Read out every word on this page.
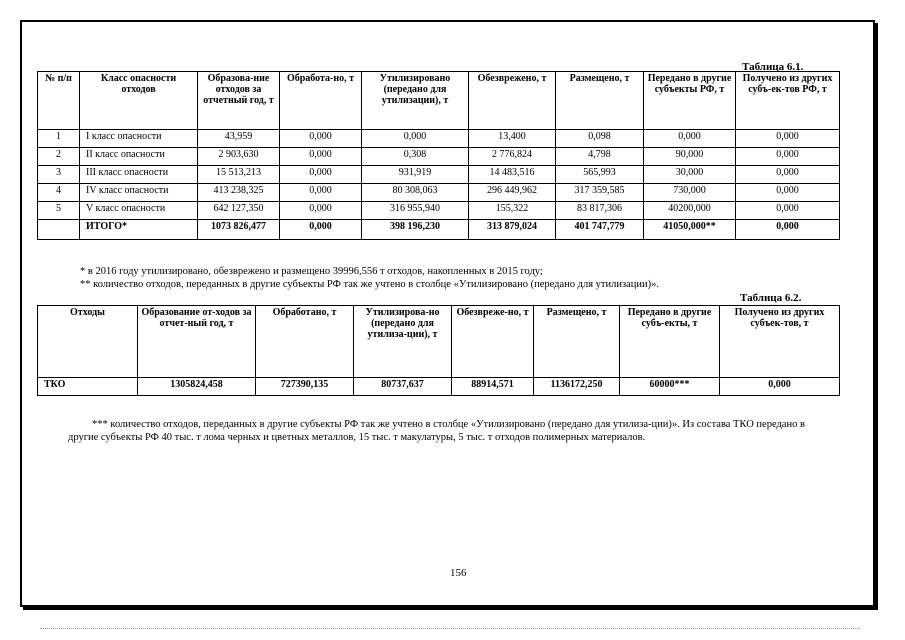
Таблица 6.1.
№ п/п	Класс опасности отходов	Образова-ние отходов за отчетный год, т	Обработа-но, т	Утилизировано (передано для утилизации), т	Обезврежено, т	Размещено, т	Передано в другие субъекты РФ, т	Получено из других субъ-ек-тов РФ, т
1	I класс опасности	43,959	0,000	0,000	13,400	0,098	0,000	0,000
2	II класс опасности	2 903,630	0,000	0,308	2 776,824	4,798	90,000	0,000
3	III класс опасности	15 513,213	0,000	931,919	14 483,516	565,993	30,000	0,000
4	IV класс опасности	413 238,325	0,000	80 308,063	296 449,962	317 359,585	730,000	0,000
5	V класс опасности	642 127,350	0,000	316 955,940	155,322	83 817,306	40200,000	0,000
	ИТОГО*	1073 826,477	0,000	398 196,230	313 879,024	401 747,779	41050,000**	0,000
* в 2016 году утилизировано, обезврежено и размещено 39996,556 т отходов, накопленных в 2015 году;
** количество отходов, переданных в другие субъекты РФ так же учтено в столбце «Утилизировано (передано для утилизации)».
Таблица 6.2.
Отходы	Образование от-ходов за отчет-ный год, т	Обработано, т	Утилизирова-но (передано для утилиза-ции), т	Обезвреже-но, т	Размещено, т	Передано в другие субъ-екты, т	Получено из других субъек-тов, т
ТКО	1305824,458	727390,135	80737,637	88914,571	1136172,250	60000***	0,000
*** количество отходов, переданных в другие субъекты РФ так же учтено в столбце «Утилизировано (передано для утилиза-ции)». Из состава ТКО передано в другие субъекты РФ 40 тыс. т лома черных и цветных металлов, 15 тыс. т макулатуры, 5 тыс. т отходов полимерных материалов.
156
